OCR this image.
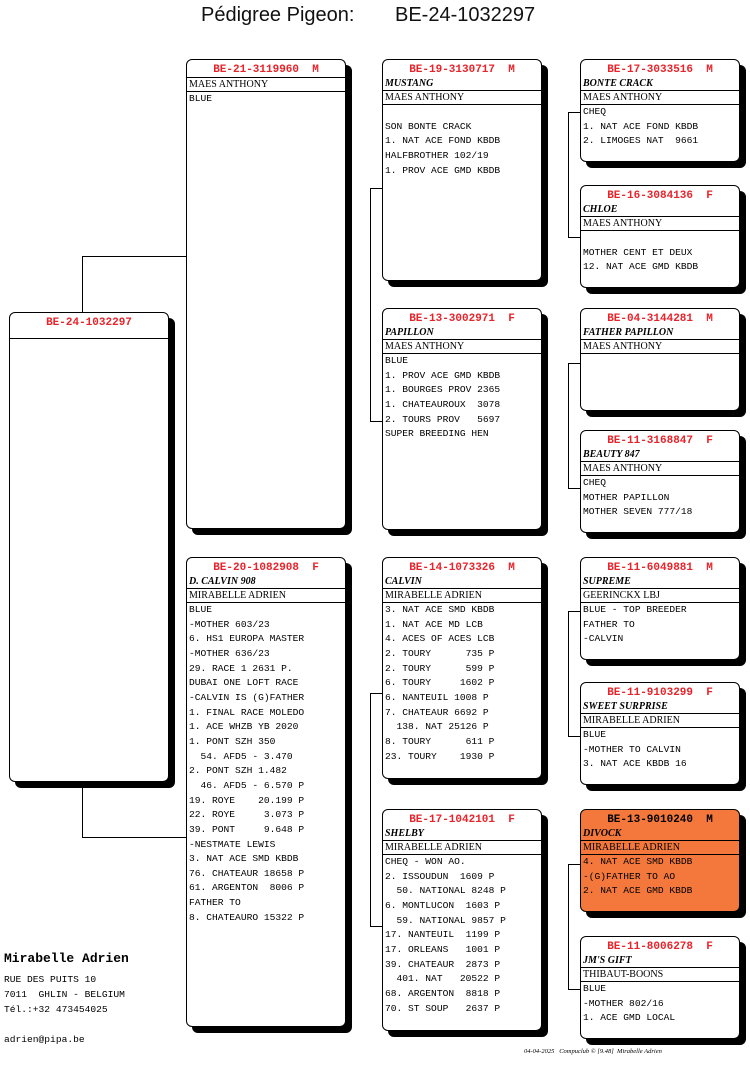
Pédigree Pigeon: BE-24-1032297
BE-24-1032297
BE-21-3119960  M
MAES ANTHONY
BLUE
BE-20-1082908  F
D. CALVIN 908
MIRABELLE ADRIEN
BLUE
-MOTHER 603/23
6. HS1 EUROPA MASTER
-MOTHER 636/23
29. RACE 1 2631 P.
DUBAI ONE LOFT RACE
-CALVIN IS (G)FATHER
1. FINAL RACE MOLEDO
1. ACE WHZB YB 2020
1. PONT SZH 350
54. AFD5 - 3.470
2. PONT SZH 1.482
46. AFD5 - 6.570 P
19. ROYE    20.199 P
22. ROYE     3.073 P
39. PONT     9.648 P
-NESTMATE LEWIS
3. NAT ACE SMD KBDB
76. CHATEAUR 18658 P
61. ARGENTON  8006 P
FATHER TO
8. CHATEAURO 15322 P
BE-19-3130717  M
MUSTANG
MAES ANTHONY

SON BONTE CRACK
1. NAT ACE FOND KBDB
HALFBROTHER 102/19
1. PROV ACE GMD KBDB
BE-13-3002971  F
PAPILLON
MAES ANTHONY
BLUE
1. PROV ACE GMD KBDB
1. BOURGES PROV 2365
1. CHATEAUROUX  3078
2. TOURS PROV   5697
SUPER BREEDING HEN
BE-14-1073326  M
CALVIN
MIRABELLE ADRIEN
3. NAT ACE SMD KBDB
1. NAT ACE MD LCB
4. ACES OF ACES LCB
2. TOURY      735 P
2. TOURY      599 P
6. TOURY     1602 P
6. NANTEUIL 1008 P
7. CHATEAUR 6692 P
138. NAT 25126 P
8. TOURY      611 P
23. TOURY    1930 P
BE-17-1042101  F
SHELBY
MIRABELLE ADRIEN
CHEQ - WON AO.
2. ISSOUDUN  1609 P
50. NATIONAL 8248 P
6. MONTLUCON  1603 P
59. NATIONAL 9857 P
17. NANTEUIL  1199 P
17. ORLEANS   1001 P
39. CHATEAUR  2873 P
401. NAT   20522 P
68. ARGENTON  8818 P
70. ST SOUP   2637 P
BE-17-3033516  M
BONTE CRACK
MAES ANTHONY
CHEQ
1. NAT ACE FOND KBDB
2. LIMOGES NAT  9661
BE-16-3084136  F
CHLOE
MAES ANTHONY

MOTHER CENT ET DEUX
12. NAT ACE GMD KBDB
BE-04-3144281  M
FATHER PAPILLON
MAES ANTHONY
BE-11-3168847  F
BEAUTY 847
MAES ANTHONY
CHEQ
MOTHER PAPILLON
MOTHER SEVEN 777/18
BE-11-6049881  M
SUPREME
GEERINCKX LBJ
BLUE - TOP BREEDER
FATHER TO
-CALVIN
BE-11-9103299  F
SWEET SURPRISE
MIRABELLE ADRIEN
BLUE
-MOTHER TO CALVIN
3. NAT ACE KBDB 16
BE-13-9010240  M
DIVOCK
MIRABELLE ADRIEN
4. NAT ACE SMD KBDB
-(G)FATHER TO AO
2. NAT ACE GMD KBDB
BE-11-8006278  F
JM'S GIFT
THIBAUT-BOONS
BLUE
-MOTHER 802/16
1. ACE GMD LOCAL
Mirabelle Adrien
RUE DES PUITS 10
7011  GHLIN - BELGIUM
Tél.:+32 473454025
adrien@pipa.be
04-04-2025   Compuclub © [9.48]  Mirabelle Adrien
